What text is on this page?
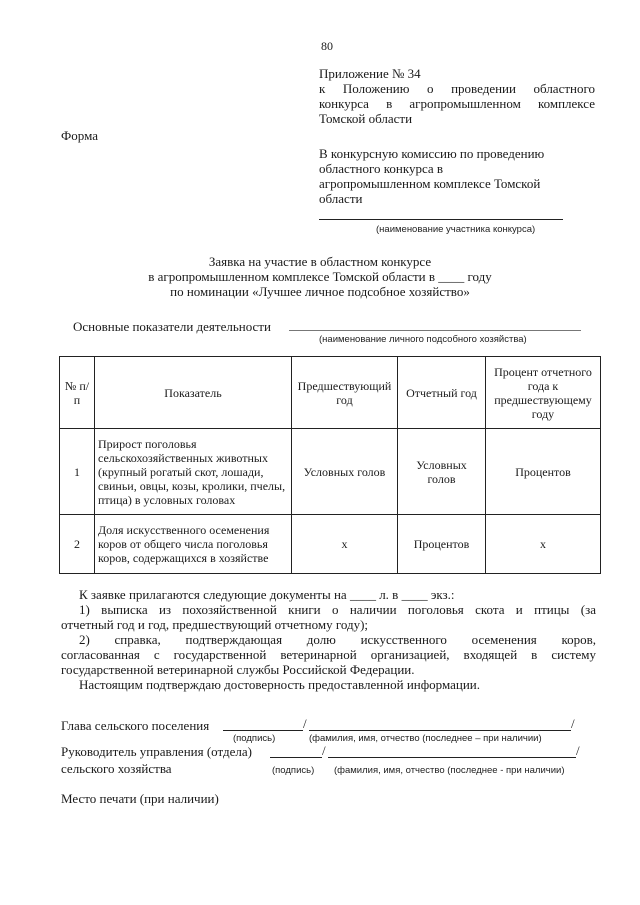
80
Приложение № 34
к Положению о проведении областного
конкурса в агропромышленном комплексе
Томской области
Форма
В конкурсную комиссию по проведению
областного конкурса в
агропромышленном комплексе Томской
области
(наименование участника конкурса)
Заявка на участие в областном конкурсе
в агропромышленном комплексе Томской области в ____ году
по номинации «Лучшее личное подсобное хозяйство»
Основные показатели деятельности
(наименование личного подсобного хозяйства)
№ п/п	Показатель	Предшествующий год	Отчетный год	Процент отчетного года к предшествующему году
1	Прирост поголовья сельскохозяйственных животных (крупный рогатый скот, лошади, свиньи, овцы, козы, кролики, пчелы, птица) в условных головах	Условных голов	Условных голов	Процентов
2	Доля искусственного осеменения коров от общего числа поголовья коров, содержащихся в хозяйстве	х	Процентов	х
К заявке прилагаются следующие документы на ____ л. в ____ экз.:
1) выписка из похозяйственной книги о наличии поголовья скота и птицы (за
отчетный год и год, предшествующий отчетному году);
2) справка, подтверждающая долю искусственного осеменения коров,
согласованная с государственной ветеринарной организацией, входящей в систему
государственной ветеринарной службы Российской Федерации.
Настоящим подтверждаю достоверность предоставленной информации.
Глава сельского поселения	/	/
(подпись)	(фамилия, имя, отчество (последнее – при наличии)
Руководитель управления (отдела)
сельского хозяйства
/	/
(подпись) (фамилия, имя, отчество (последнее - при наличии)
Место печати (при наличии)
